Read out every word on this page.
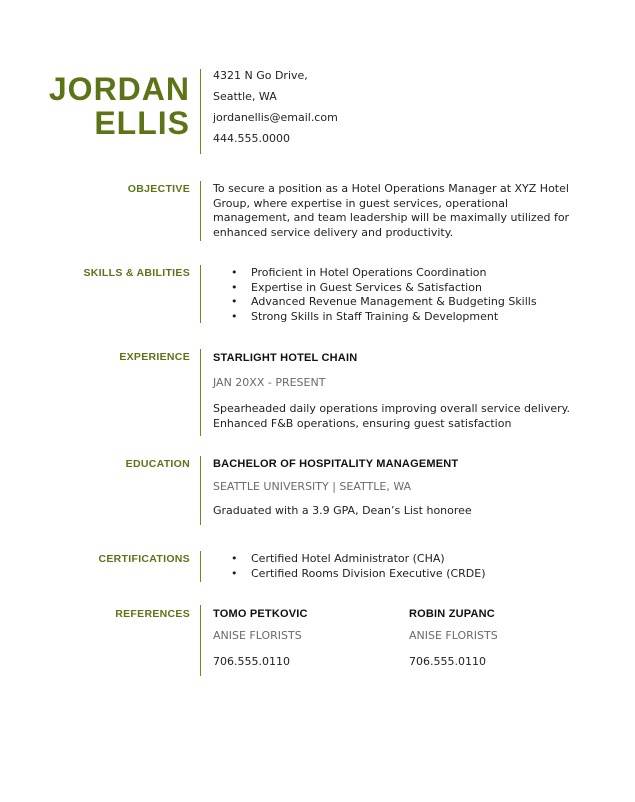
JORDAN
ELLIS
4321 N Go Drive,
Seattle, WA
jordanellis@email.com
444.555.0000
OBJECTIVE To secure a position as a Hotel Operations Manager at XYZ Hotel Group, where expertise in guest services, operational management, and team leadership will be maximally utilized for enhanced service delivery and productivity.
SKILLS & ABILITIES	• Proficient in Hotel Operations Coordination
• Expertise in Guest Services & Satisfaction
• Advanced Revenue Management & Budgeting Skills
• Strong Skills in Staff Training & Development
EXPERIENCE STARLIGHT HOTEL CHAIN
JAN 20XX - PRESENT
Spearheaded daily operations improving overall service delivery.
Enhanced F&B operations, ensuring guest satisfaction
EDUCATION BACHELOR OF HOSPITALITY MANAGEMENT
SEATTLE UNIVERSITY | SEATTLE, WA
Graduated with a 3.9 GPA, Dean’s List honoree
CERTIFICATIONS	• Certified Hotel Administrator (CHA)
• Certified Rooms Division Executive (CRDE)
REFERENCES TOMO PETKOVIC
ANISE FLORISTS
706.555.0110
ROBIN ZUPANC
ANISE FLORISTS
706.555.0110
